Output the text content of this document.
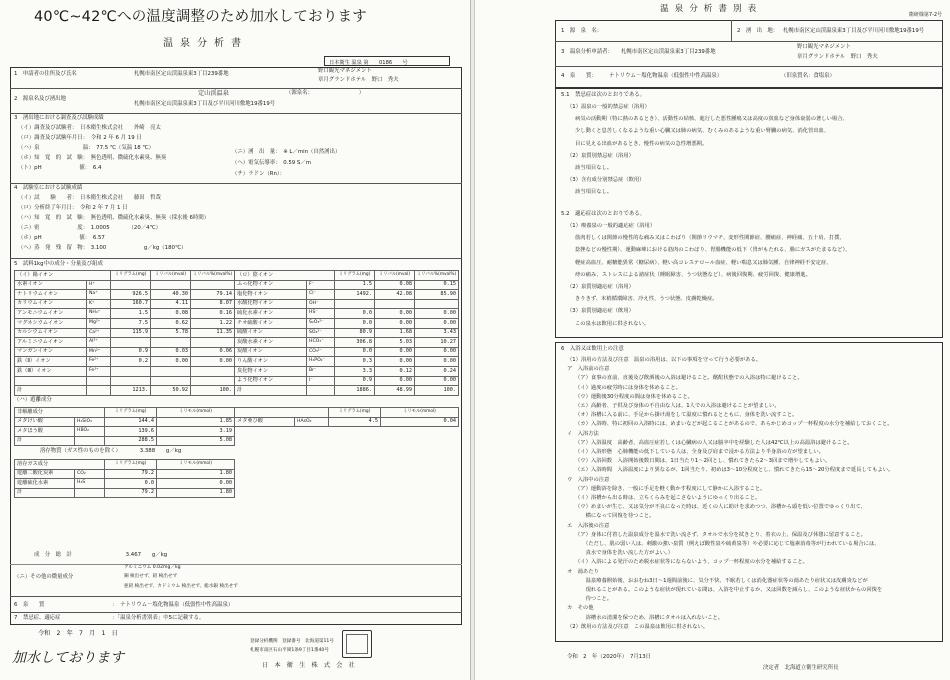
40℃~42℃への温度調整のため加水しております
温泉分析書
日本衛生 温泉 第　　0186　　号
1　申請者の住所及び氏名	札幌市南区定山渓温泉東3丁目239番地	野口観光マネジメント
章月グランドホテル　野口　秀夫
2　源泉名及び湧出地
定山渓温泉	（源泉名：　　　　　　　　　）
札幌市南区定山渓温泉東3丁目及び平川河川敷地19番19号
3　湧出地における調査及び試験成績
（イ）調査及び試験者：　日本衛生株式会社　　外崎　亮太
（ロ）調査及び試験年月日：　令和 2 年 6 月 19 日
（ハ）泉　　　　　　　　温：　77.5 ℃（気温 18 ℃）
（ホ）知　覚　的　試　験：　無色透明、微硫化水素臭、無臭
（ト）pH　　　　　　　値：　6.4
（ニ）湧　出　量：　※ L／min（自然湧出）
（ヘ）電気伝導率：　0.59 S／m
（チ）ラドン（Rn）：
4　試験室における試験成績
（イ）試　　験　　者：　日本衛生株式会社　　藤田　哲哉
（ロ）分析終了年月日：　令和 2 年 7 月 1 日
（ハ）知　覚　的　試　験：　無色透明、微硫化水素臭、無臭（採水後 6時間）
（ニ）密　　　　　　　度：　1.0005　　　　（20／4℃）
（ホ）pH　　　　　　　値：　6.57
（ヘ）蒸　発　残　留　物：　3.100　　　　　　　g／kg（180℃）
5　試料1kg中の成分・分量及び組成
（イ）陽イオン		ミリグラム(mg)	ミリバル(mval)	ミリバル%(mval%)
水素イオン	H⁺			
ナトリウムイオン	Na⁺	926.5	40.30	79.14
カリウムイオン	K⁺	160.7	4.11	8.07
アンモニウムイオン	NH₄⁺	1.5	0.08	0.16
マグネシウムイオン	Mg²⁺	7.5	0.62	1.22
カルシウムイオン	Ca²⁺	115.9	5.78	11.35
アルミニウムイオン	Al³⁺			
マンガンイオン	Mn²⁺	0.9	0.03	0.06
鉄（Ⅱ）イオン	Fe²⁺	0.2	0.00	0.00
鉄（Ⅲ）イオン	Fe³⁺			

計		1213.	50.92	100.
（ロ）陰イオン		ミリグラム(mg)	ミリバル(mval)	ミリバル%(mval%)
ふっ化物イオン	F⁻	1.5	0.08	0.15
塩化物イオン	Cl⁻	1492.	42.08	85.90
水酸化物イオン	OH⁻			
硫化水素イオン	HS⁻	0.0	0.00	0.00
チオ硫酸イオン	S₂O₃²⁻	0.0	0.00	0.00
硫酸イオン	SO₄²⁻	80.9	1.68	3.43
炭酸水素イオン	HCO₃⁻	306.8	5.03	10.27
炭酸イオン	CO₃²⁻	0.0	0.00	0.00
りん酸イオン	H₂PO₄⁻	0.3	0.00	0.00
臭化物イオン	Br⁻	3.3	0.12	0.24
よう化物イオン	I⁻	0.9	0.00	0.00
計		1886.	48.99	100.
（ハ）遊離成分
非解離成分		ミリグラム(mg)	ミリモル(mmol)
メタけい酸	H₂SiO₃	144.4	1.85
メタほう酸	HBO₂	139.6	3.19
計		288.5	5.08
		ミリグラム(mg)	ミリモル(mmol)
メタ亜ひ酸	HAsO₂	4.5	0.04
溶存物質（ガス性のものを除く）　　　　3.388　　g／kg
溶存ガス成分		ミリグラム(mg)	ミリモル(mmol)
遊離二酸化炭素	CO₂	79.2	1.80
遊離硫化水素	H₂S	0.0	0.00
計		79.2	1.80
成　分　総　計　　　　　　　　　　3.467　　g／kg
（ニ）その他の微量成分
アルミニウム 0.02mg／kg
銅 検出せず、鉛 検出せず
亜鉛 検出せず、カドミウム 検出せず、総水銀 検出せず
6　泉　　質	：　ナトリウム－塩化物温泉（低張性中性高温泉）
7　禁忌症、適応症	：「温泉分析書別表」中5に記載する。
令和　2　年　7　月　1　日
加水しております
登録分析機関　登録番号　北海道第11号
札幌市南区石山平岡1条9丁目1番40号
日　本　衛　生　株　式　会　社
温泉分析書別表
衛研様第7-2号
1　源　泉　名：	2　湧　出　地： 札幌市南区定山渓温泉東3丁目及び平川河川敷地19番19号
3　温泉分析申請者： 札幌市南区定山渓温泉東3丁目239番地
野口観光マネジメント
章月グランドホテル　野口　秀夫
4　泉　　質： ナトリウム－塩化物温泉（低張性中性高温泉）	（旧泉質名：食塩泉）
5.1　禁忌症は次のとおりである。
（1）温泉の一般的禁忌症（浴用）
病気の活動期（特に熱のあるとき）、活動性の結核、進行した悪性腫瘍又は高度の貧血など身体衰弱の著しい場合、
少し動くと息苦しくなるような重い心臓又は肺の病気、むくみのあるような重い腎臓の病気、消化管出血、
目に見える出血があるとき、慢性の病気の急性増悪期。
（2）泉質別禁忌症（浴用）
該当項目なし。
（3）含有成分別禁忌症（飲用）
該当項目なし。
5.2　適応症は次のとおりである。
（1）療養泉の一般的適応症（浴用）
筋肉若しくは関節の慢性的な痛み又はこわばり（関節リウマチ、変形性関節症、腰痛症、神経痛、五十肩、打撲、
捻挫などの慢性期）、運動麻痺における筋肉のこわばり、胃腸機能の低下（胃がもたれる、腸にガスがたまるなど）、
軽症高血圧、耐糖能異常（糖尿病）、軽い高コレステロール血症、軽い喘息又は肺気腫、自律神経不安定症、
痔の痛み、ストレスによる諸症状（睡眠障害、うつ状態など）、病後回復期、疲労回復、健康増進。
（2）泉質別適応症（浴用）
きりきず、末梢循環障害、冷え性、うつ状態、皮膚乾燥症。
（3）泉質別適応症（飲用）
この泉水は飲用に供されない。
6　入浴又は飲用上の注意
（1）浴用の方法及び注意　温泉の浴用は、以下の事項を守って行う必要がある。
ア　入浴前の注意
（ア）食事の直前、直後及び飲酒後の入浴は避けること。酩酊状態での入浴は特に避けること。
（イ）過度の疲労時には身体を休めること。
（ウ）運動後30分程度の間は身体を休めること。
（エ）高齢者、子供及び身体の不自由な人は、1人での入浴は避けることが望ましい。
（オ）浴槽に入る前に、手足から掛け湯をして温度に慣れるとともに、身体を洗い流すこと。
（カ）入浴時、特に初回の入浴時には、めまいなどが起こることがあるので、あらかじめコップ一杯程度の水分を補給しておくこと。
イ　入浴方法
（ア）入浴温度　高齢者、高血圧症若しくは心臓病の人又は脳卒中を経験した人は42℃以上の高温浴は避けること。
（イ）入浴形態　心肺機能の低下している人は、全身及び肩まで浸かる方法より半身浴の方が望ましい。
（ウ）入浴回数　入浴開始後数日間は、1日当たり1～2回とし、慣れてきたら2～3回まで増やしてもよい。
（エ）入浴時間　入浴温度により異なるが、1回当たり、初めは3～10分程度とし、慣れてきたら15～20分程度まで延長してもよい。
ウ　入浴中の注意
（ア）運動浴を除き、一般に手足を軽く動かす程度にして静かに入浴すること。
（イ）浴槽から出る時は、立ちくらみを起こさないようにゆっくり出ること。
（ウ）めまいが生じ、又は気分が不良になった時は、近くの人に助けを求めつつ、浴槽から頭を低い位置でゆっくり出て、
　　横になって回復を待つこと。
エ　入浴後の注意
（ア）身体に付着した温泉成分を温水で洗い流さず、タオルで水分を拭きとり、着衣の上、保温及び休憩に留意すること。
　　（ただし、肌の弱い人は、刺激の強い泉質（例えば酸性泉や硫黄泉等）や必要に応じて塩素消毒等が行われている場合には、
　　真水で身体を洗い流した方がよい。）
（イ）入浴による発汗のため脱水症状等にならないよう、コップ一杯程度の水分を補給すること。
オ　湯あたり
　　温泉療養開始後、おおむね3日～1週間前後に、気分不快、不眠若しくは消化器症状等の湯あたり症状又は皮膚炎などが
　　現れることがある。このような症状が現れている間は、入浴を中止するか、又は回数を減らし、このような症状からの回復を
　　待つこと。
カ　その他
　　浴槽水の清潔を保つため、浴槽にタオルは入れないこと。
（2）飲用の方法及び注意　この温泉は飲用に供されない。
令和　2　年（2020年）　7月13日
決定者　北海道立衛生研究所長
